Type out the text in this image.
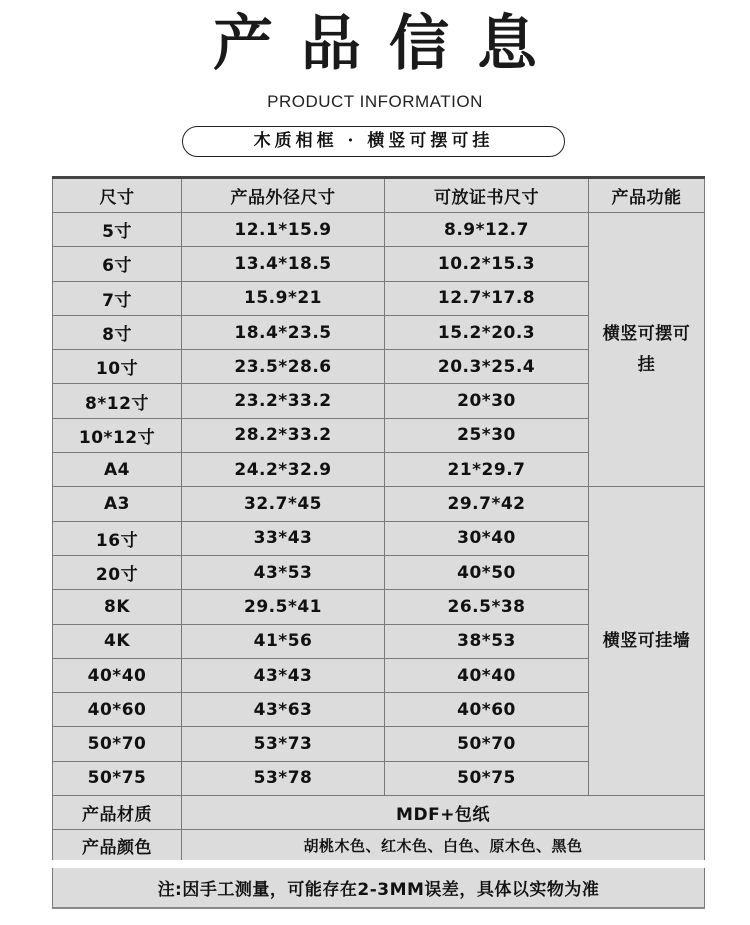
产品信息
PRODUCT INFORMATION
木质相框 · 横竖可摆可挂
尺寸	产品外径尺寸	可放证书尺寸	产品功能
5寸	12.1*15.9	8.9*12.7	横竖可摆可挂
6寸	13.4*18.5	10.2*15.3	
7寸	15.9*21	12.7*17.8	
8寸	18.4*23.5	15.2*20.3	
10寸	23.5*28.6	20.3*25.4	
8*12寸	23.2*33.2	20*30	
10*12寸	28.2*33.2	25*30	
A4	24.2*32.9	21*29.7	
A3	32.7*45	29.7*42	横竖可挂墙
16寸	33*43	30*40	
20寸	43*53	40*50	
8K	29.5*41	26.5*38	
4K	41*56	38*53	
40*40	43*43	40*40	
40*60	43*63	40*60	
50*70	53*73	50*70	
50*75	53*78	50*75	
产品材质	MDF+包纸		
产品颜色	胡桃木色、红木色、白色、原木色、黑色		
注:因手工测量，可能存在2-3MM误差，具体以实物为准			
